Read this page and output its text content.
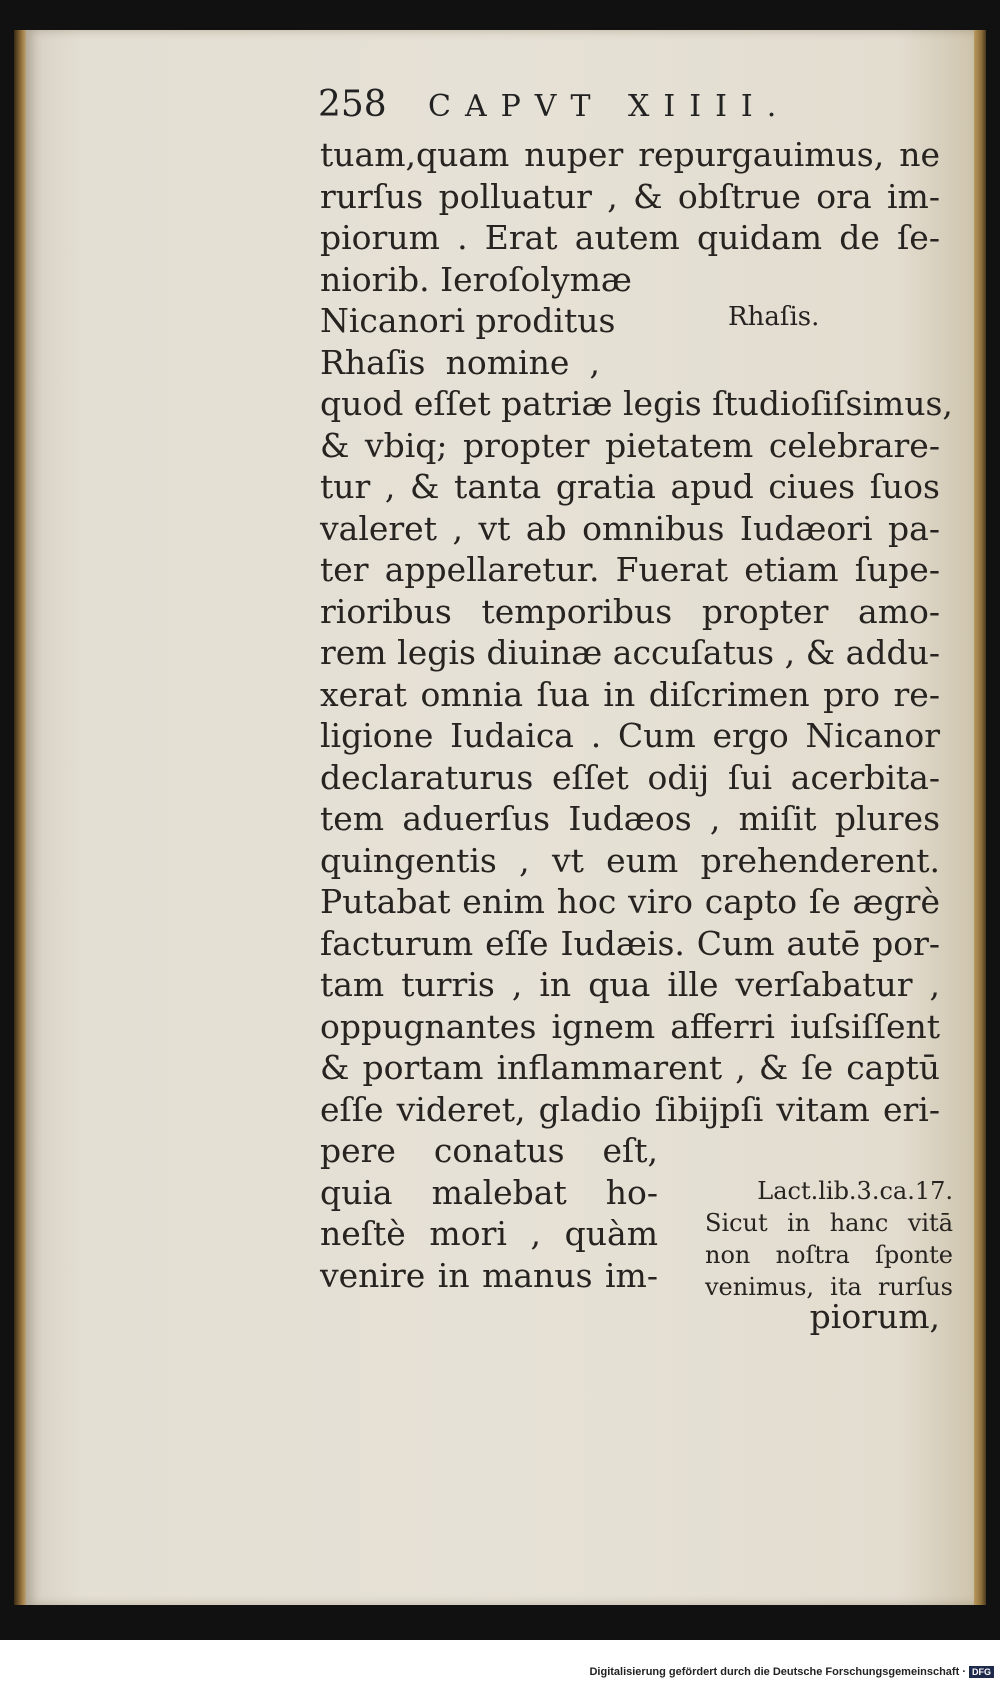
258	CAPVT XIIII.
tuam,quam nuper repurgauimus, ne
rurſus polluatur , & obſtrue ora im-
piorum . Erat autem quidam de ſe-
niorib. Ieroſolymæ
Nicanori proditus
Rhaſis nomine ,
quod eſſet patriæ legis ſtudioſiſsimus,
& vbiq; propter pietatem celebrare-
tur , & tanta gratia apud ciues ſuos
valeret , vt ab omnibus Iudæori pa-
ter appellaretur. Fuerat etiam ſupe-
rioribus temporibus propter amo-
rem legis diuinæ accuſatus , & addu-
xerat omnia ſua in diſcrimen pro re-
ligione Iudaica . Cum ergo Nicanor
declaraturus eſſet odij ſui acerbita-
tem aduerſus Iudæos , miſit plures
quingentis , vt eum prehenderent.
Putabat enim hoc viro capto ſe ægrè
facturum eſſe Iudæis. Cum autē por-
tam turris , in qua ille verſabatur ,
oppugnantes ignem afferri iuſsiſſent
& portam inflammarent , & ſe captū
eſſe videret, gladio ſibijpſi vitam eri-
pere conatus eſt,
quia malebat ho-
neſtè mori , quàm
venire in manus im-
piorum,
Rhaſis.
Lact.lib.3.ca.17.
Sicut in hanc vitā
non noſtra ſponte
venimus, ita rurſus
Digitalisierung gefördert durch die Deutsche Forschungsgemeinschaft · DFG
